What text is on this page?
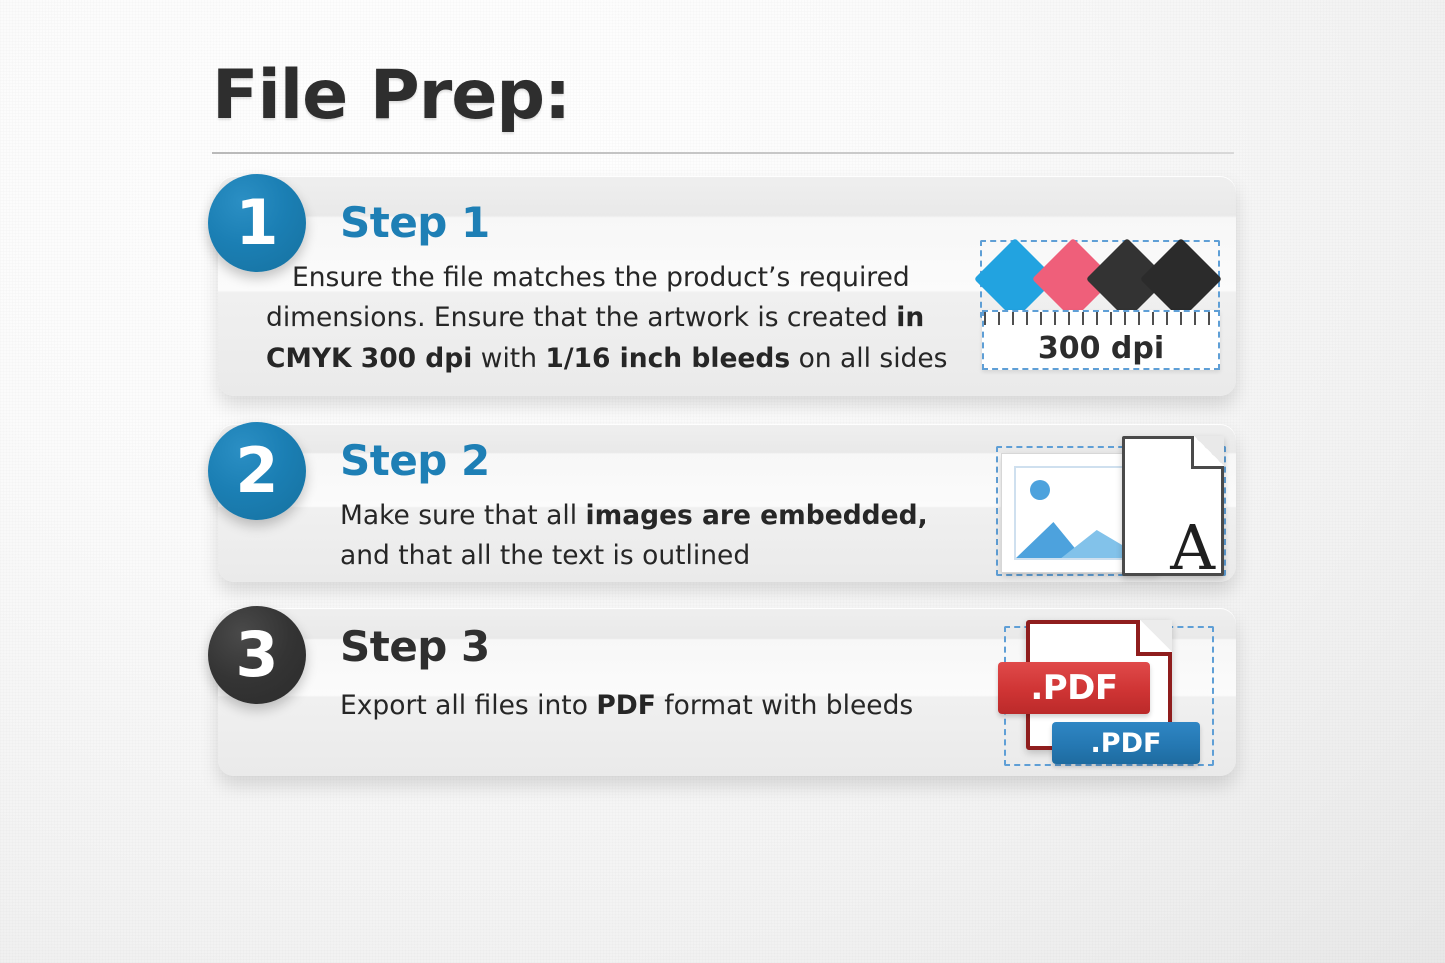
File Prep:
1	Step 1
Ensure the file matches the product’s required
dimensions. Ensure that the artwork is created in
CMYK 300 dpi with 1/16 inch bleeds on all sides	300 dpi
2	Step 2
Make sure that all images are embedded,
and that all the text is outlined	A
3	Step 3
Export all files into PDF format with bleeds	.PDF
.PDF
